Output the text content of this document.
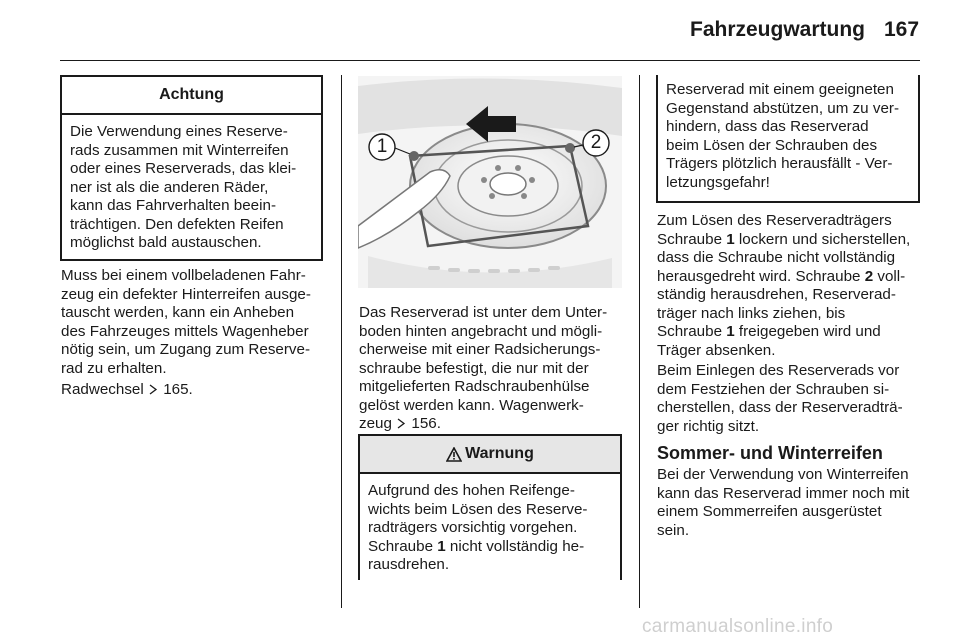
Fahrzeugwartung 167
Achtung
Die Verwendung eines Reserve-
rads zusammen mit Winterreifen
oder eines Reserverads, das klei-
ner ist als die anderen Räder,
kann das Fahrverhalten beein-
trächtigen. Den defekten Reifen
möglichst bald austauschen.
Muss bei einem vollbeladenen Fahr-
zeug ein defekter Hinterreifen ausge-
tauscht werden, kann ein Anheben
des Fahrzeuges mittels Wagenheber
nötig sein, um Zugang zum Reserve-
rad zu erhalten.
Radwechsel 165.
1	2
Das Reserverad ist unter dem Unter-
boden hinten angebracht und mögli-
cherweise mit einer Radsicherungs-
schraube befestigt, die nur mit der
mitgelieferten Radschraubenhülse
gelöst werden kann. Wagenwerk-
zeug 156.
Warnung
Aufgrund des hohen Reifenge-
wichts beim Lösen des Reserve-
radträgers vorsichtig vorgehen.
Schraube 1 nicht vollständig he-
rausdrehen.
Reserverad mit einem geeigneten
Gegenstand abstützen, um zu ver-
hindern, dass das Reserverad
beim Lösen der Schrauben des
Trägers plötzlich herausfällt - Ver-
letzungsgefahr!
Zum Lösen des Reserveradträgers
Schraube 1 lockern und sicherstellen,
dass die Schraube nicht vollständig
herausgedreht wird. Schraube 2 voll-
ständig herausdrehen, Reserverad-
träger nach links ziehen, bis
Schraube 1 freigegeben wird und
Träger absenken.
Beim Einlegen des Reserverads vor
dem Festziehen der Schrauben si-
cherstellen, dass der Reserveradträ-
ger richtig sitzt.
Sommer- und Winterreifen
Bei der Verwendung von Winterreifen
kann das Reserverad immer noch mit
einem Sommerreifen ausgerüstet
sein.
carmanualsonline.info
